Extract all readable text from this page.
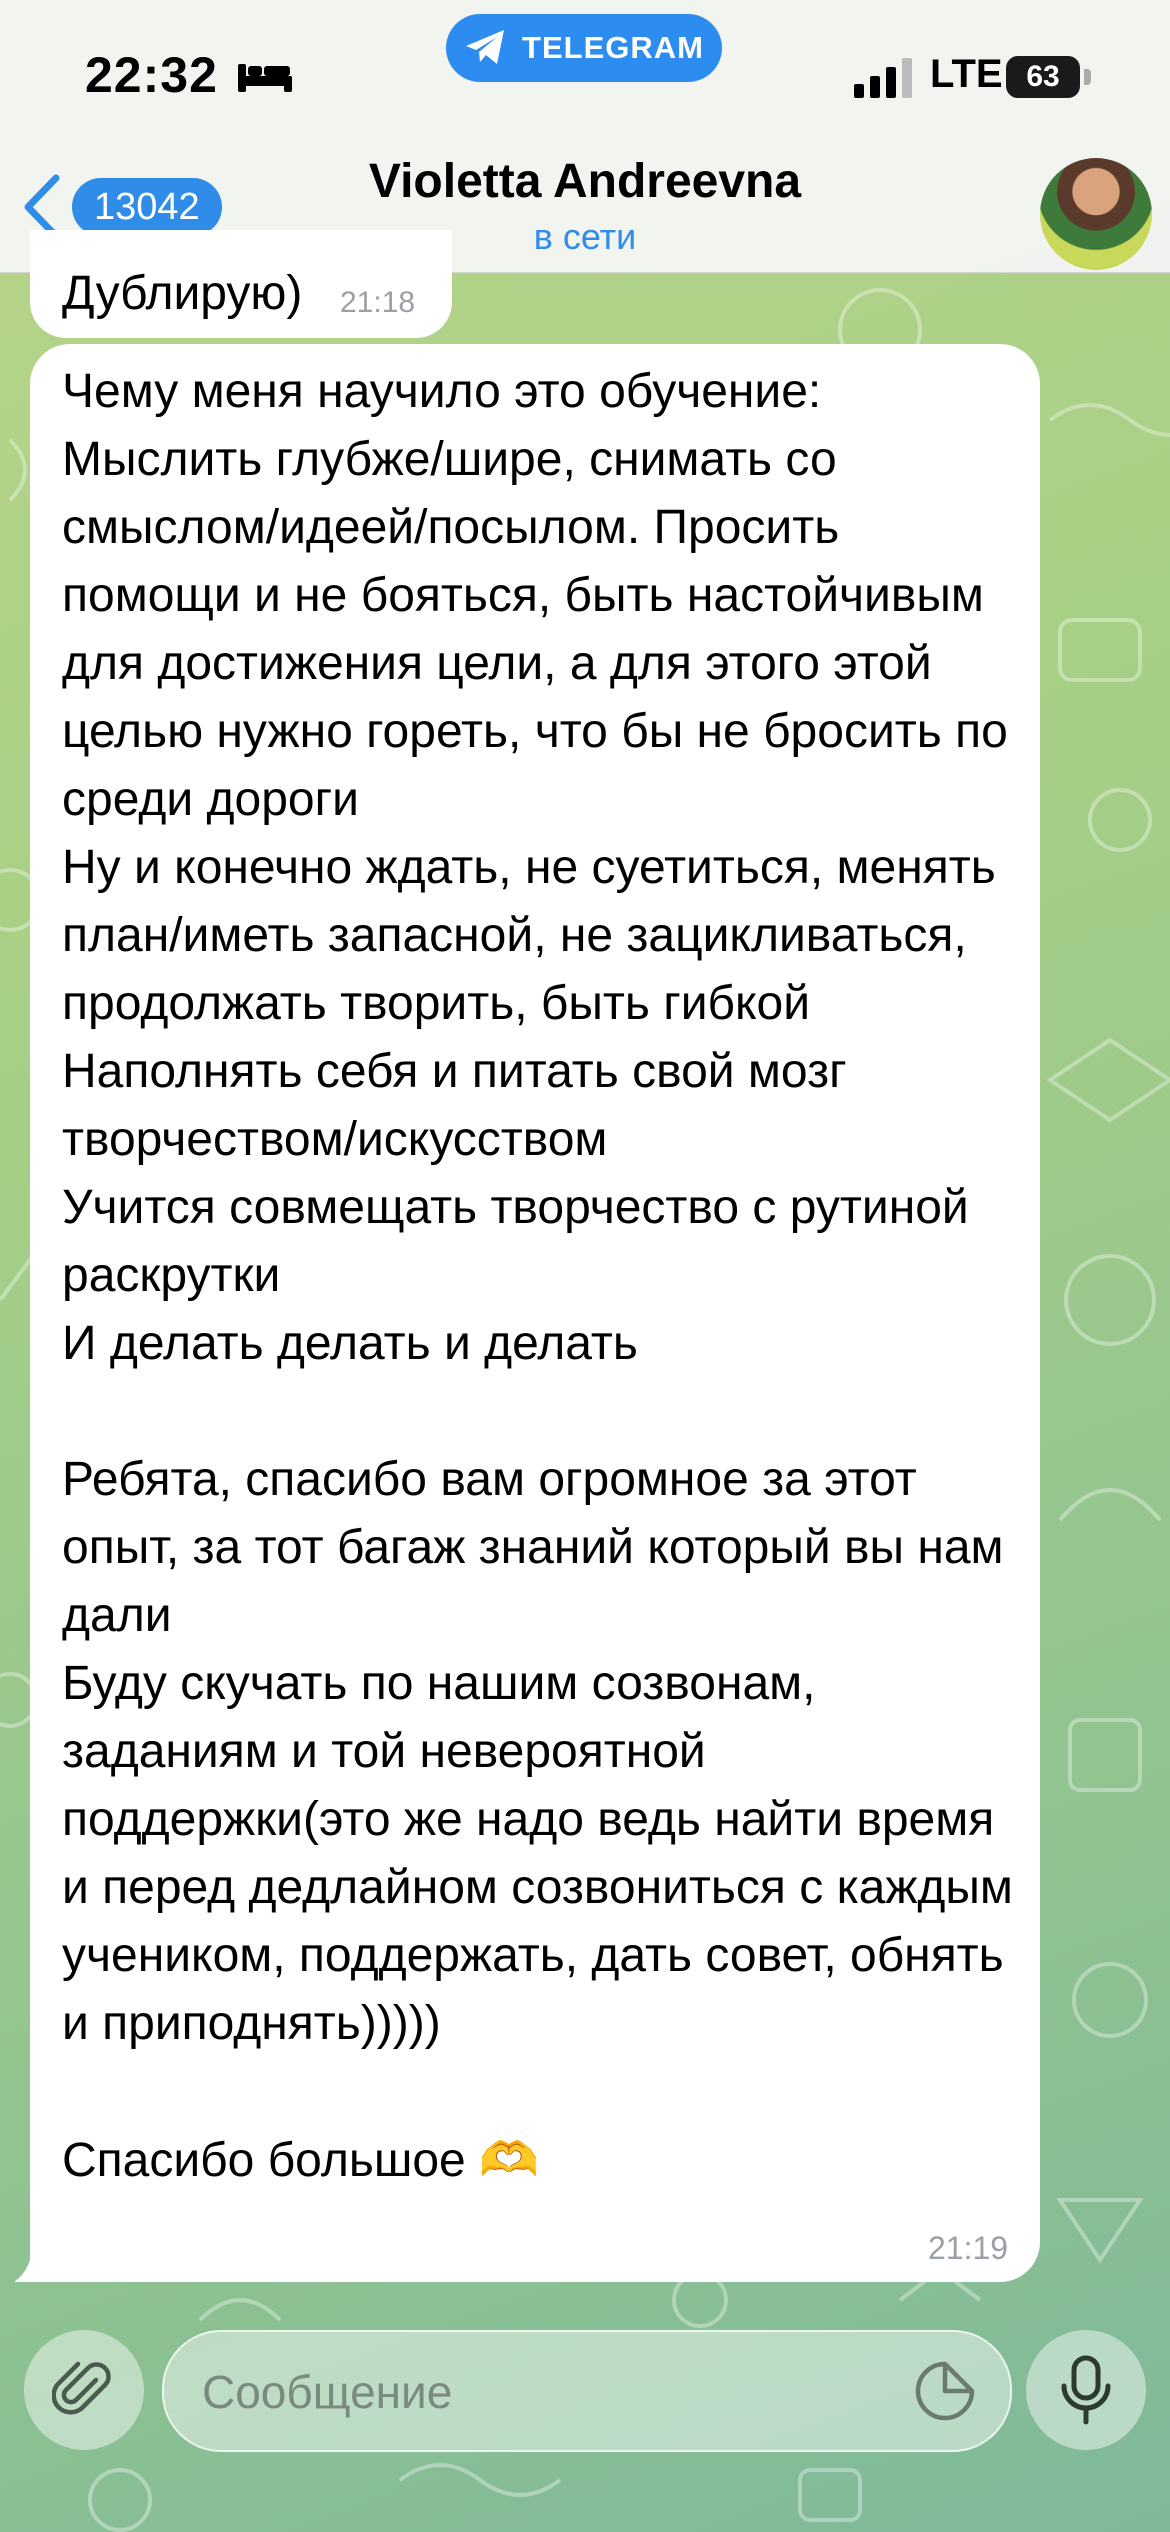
22:32	TELEGRAM
LTE 63
13042	Violetta Andreevna
в сети
Дублирую) 21:18
Чему меня научило это обучение:
Мыслить глубже/шире, снимать со смыслом/идеей/посылом. Просить помощи и не бояться, быть настойчивым для достижения цели, а для этого этой целью нужно гореть, что бы не бросить по среди дороги
Ну и конечно ждать, не суетиться, менять план/иметь запасной, не зацикливаться, продолжать творить, быть гибкой
Наполнять себя и питать свой мозг творчеством/искусством
Учится совмещать творчество с рутиной раскрутки
И делать делать и делать

Ребята, спасибо вам огромное за этот опыт, за тот багаж знаний который вы нам дали
Буду скучать по нашим созвонам, заданиям и той невероятной поддержки(это же надо ведь найти время и перед дедлайном созвониться с каждым учеником, поддержать, дать совет, обнять и приподнять)))))

Спасибо большое 🫶
21:19
Сообщение
